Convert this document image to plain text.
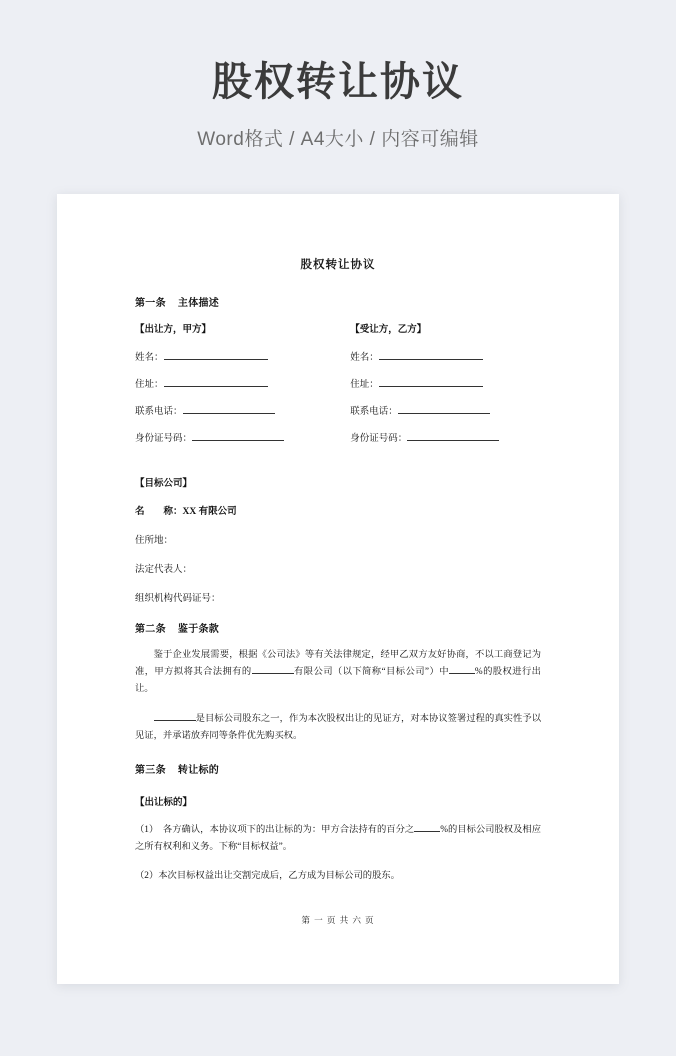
股权转让协议
Word格式 / A4大小 / 内容可编辑
股权转让协议
第一条 主体描述
【出让方，甲方】
姓名：
住址：
联系电话：
身份证号码：
【受让方，乙方】
姓名：
住址：
联系电话：
身份证号码：
【目标公司】
名　　称：XX 有限公司
住所地：
法定代表人：
组织机构代码证号：
第二条 鉴于条款
鉴于企业发展需要，根据《公司法》等有关法律规定，经甲乙双方友好协商，不以工商登记为准，甲方拟将其合法拥有的	有限公司（以下简称“目标公司”）中	%的股权进行出让。
是目标公司股东之一，作为本次股权出让的见证方，对本协议签署过程的真实性予以见证，并承诺放弃同等条件优先购买权。
第三条 转让标的
【出让标的】
（1）　各方确认，本协议项下的出让标的为：甲方合法持有的百分之	%的目标公司股权及相应之所有权利和义务。下称“目标权益”。
（2）本次目标权益出让交割完成后，乙方成为目标公司的股东。
第 一 页 共 六 页
